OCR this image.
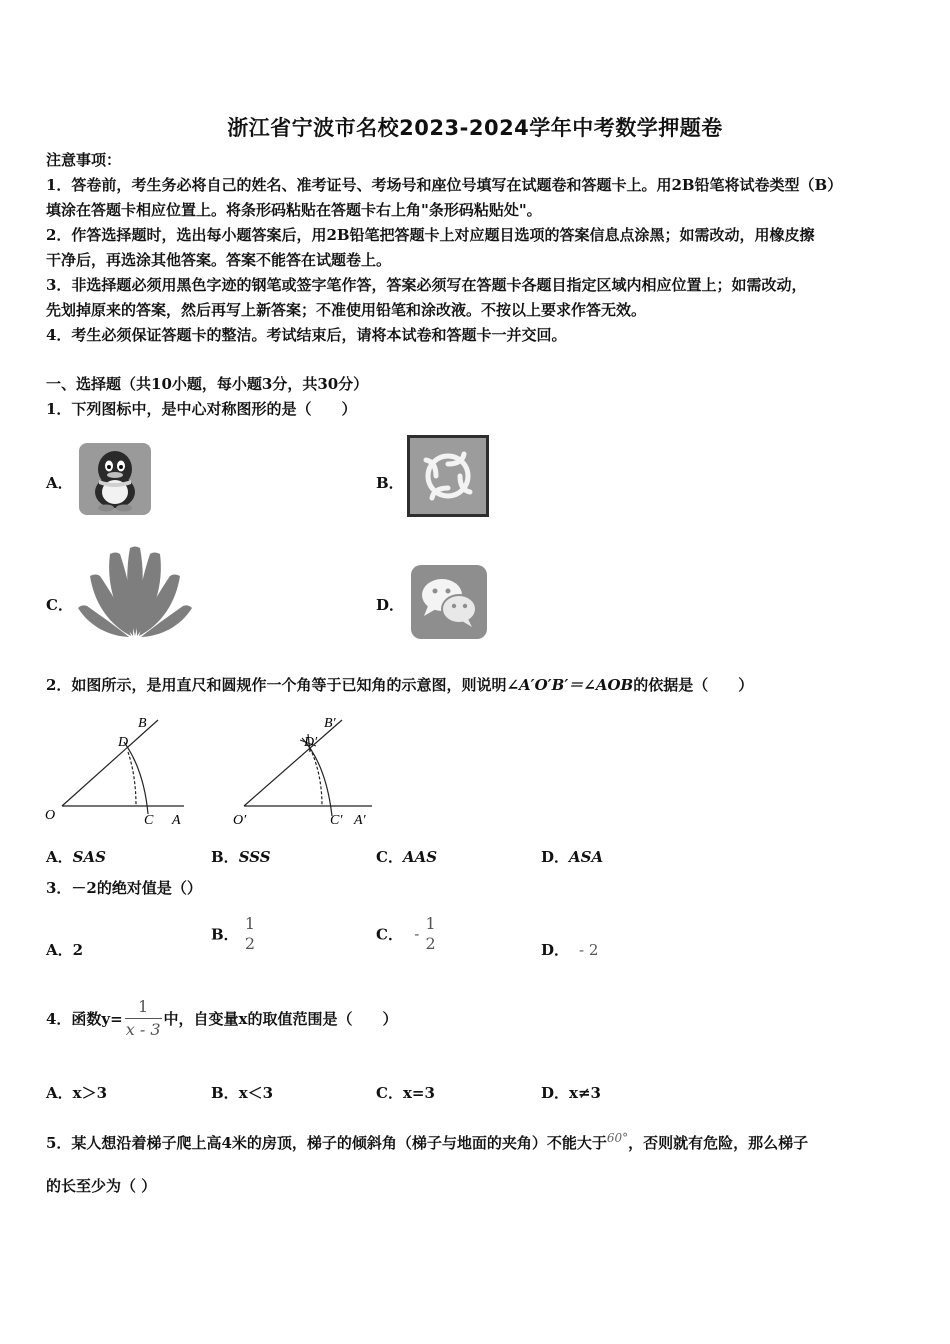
浙江省宁波市名校2023-2024学年中考数学押题卷
注意事项：
1．答卷前，考生务必将自己的姓名、准考证号、考场号和座位号填写在试题卷和答题卡上。用2B铅笔将试卷类型（B）
填涂在答题卡相应位置上。将条形码粘贴在答题卡右上角"条形码粘贴处"。
2．作答选择题时，选出每小题答案后，用2B铅笔把答题卡上对应题目选项的答案信息点涂黑；如需改动，用橡皮擦
干净后，再选涂其他答案。答案不能答在试题卷上。
3．非选择题必须用黑色字迹的钢笔或签字笔作答，答案必须写在答题卡各题目指定区域内相应位置上；如需改动，
先划掉原来的答案，然后再写上新答案；不准使用铅笔和涂改液。不按以上要求作答无效。
4．考生必须保证答题卡的整洁。考试结束后，请将本试卷和答题卡一并交回。
一、选择题（共10小题，每小题3分，共30分）
1．下列图标中，是中心对称图形的是（　　）
A．	B．
C．	D．
2．如图所示，是用直尺和圆规作一个角等于已知角的示意图，则说明∠A′O′B′＝∠AOB的依据是（　　）
B
D
O	C A
B′
D′
O′	C′ A′
A．SAS	B．SSS	C．AAS	D．ASA
3．－2的绝对值是（）
A．2
B．
1
2	C． -
1
2	D． - 2
4．函数$y= \frac{1}{x - 3}$ 中，自变量x的取值范围是（　　）
A．x＞3	B．x＜3	C．x=3	D．x≠3
5．某人想沿着梯子爬上高4米的房顶，梯子的倾斜角（梯子与地面的夹角）不能大于$^{60^\circ}$，否则就有危险，那么梯子
的长至少为（ ）
